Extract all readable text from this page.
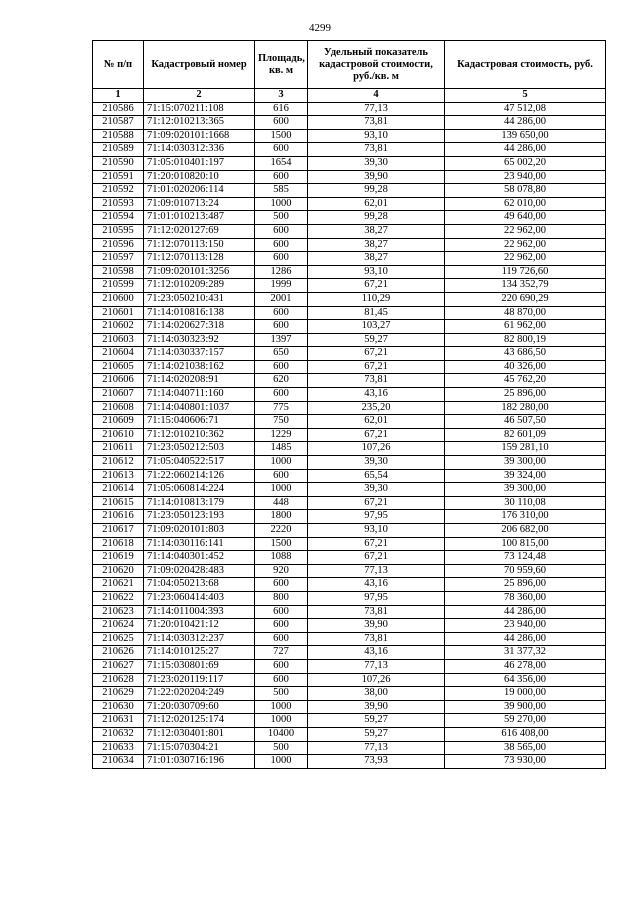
4299
№ п/п	Кадастровый номер	Площадь, кв. м	Удельный показатель кадастровой стоимости, руб./кв. м	Кадастровая стоимость, руб.
1	2	3	4	5
210586	71:15:070211:108	616	77,13	47 512,08
210587	71:12:010213:365	600	73,81	44 286,00
210588	71:09:020101:1668	1500	93,10	139 650,00
210589	71:14:030312:336	600	73,81	44 286,00
210590	71:05:010401:197	1654	39,30	65 002,20
210591	71:20:010820:10	600	39,90	23 940,00
210592	71:01:020206:114	585	99,28	58 078,80
210593	71:09:010713:24	1000	62,01	62 010,00
210594	71:01:010213:487	500	99,28	49 640,00
210595	71:12:020127:69	600	38,27	22 962,00
210596	71:12:070113:150	600	38,27	22 962,00
210597	71:12:070113:128	600	38,27	22 962,00
210598	71:09:020101:3256	1286	93,10	119 726,60
210599	71:12:010209:289	1999	67,21	134 352,79
210600	71:23:050210:431	2001	110,29	220 690,29
210601	71:14:010816:138	600	81,45	48 870,00
210602	71:14:020627:318	600	103,27	61 962,00
210603	71:14:030323:92	1397	59,27	82 800,19
210604	71:14:030337:157	650	67,21	43 686,50
210605	71:14:021038:162	600	67,21	40 326,00
210606	71:14:020208:91	620	73,81	45 762,20
210607	71:14:040711:160	600	43,16	25 896,00
210608	71:14:040801:1037	775	235,20	182 280,00
210609	71:15:040606:71	750	62,01	46 507,50
210610	71:12:010210:362	1229	67,21	82 601,09
210611	71:23:050212:503	1485	107,26	159 281,10
210612	71:05:040522:517	1000	39,30	39 300,00
210613	71:22:060214:126	600	65,54	39 324,00
210614	71:05:060814:224	1000	39,30	39 300,00
210615	71:14:010813:179	448	67,21	30 110,08
210616	71:23:050123:193	1800	97,95	176 310,00
210617	71:09:020101:803	2220	93,10	206 682,00
210618	71:14:030116:141	1500	67,21	100 815,00
210619	71:14:040301:452	1088	67,21	73 124,48
210620	71:09:020428:483	920	77,13	70 959,60
210621	71:04:050213:68	600	43,16	25 896,00
210622	71:23:060414:403	800	97,95	78 360,00
210623	71:14:011004:393	600	73,81	44 286,00
210624	71:20:010421:12	600	39,90	23 940,00
210625	71:14:030312:237	600	73,81	44 286,00
210626	71:14:010125:27	727	43,16	31 377,32
210627	71:15:030801:69	600	77,13	46 278,00
210628	71:23:020119:117	600	107,26	64 356,00
210629	71:22:020204:249	500	38,00	19 000,00
210630	71:20:030709:60	1000	39,90	39 900,00
210631	71:12:020125:174	1000	59,27	59 270,00
210632	71:12:030401:801	10400	59,27	616 408,00
210633	71:15:070304:21	500	77,13	38 565,00
210634	71:01:030716:196	1000	73,93	73 930,00
